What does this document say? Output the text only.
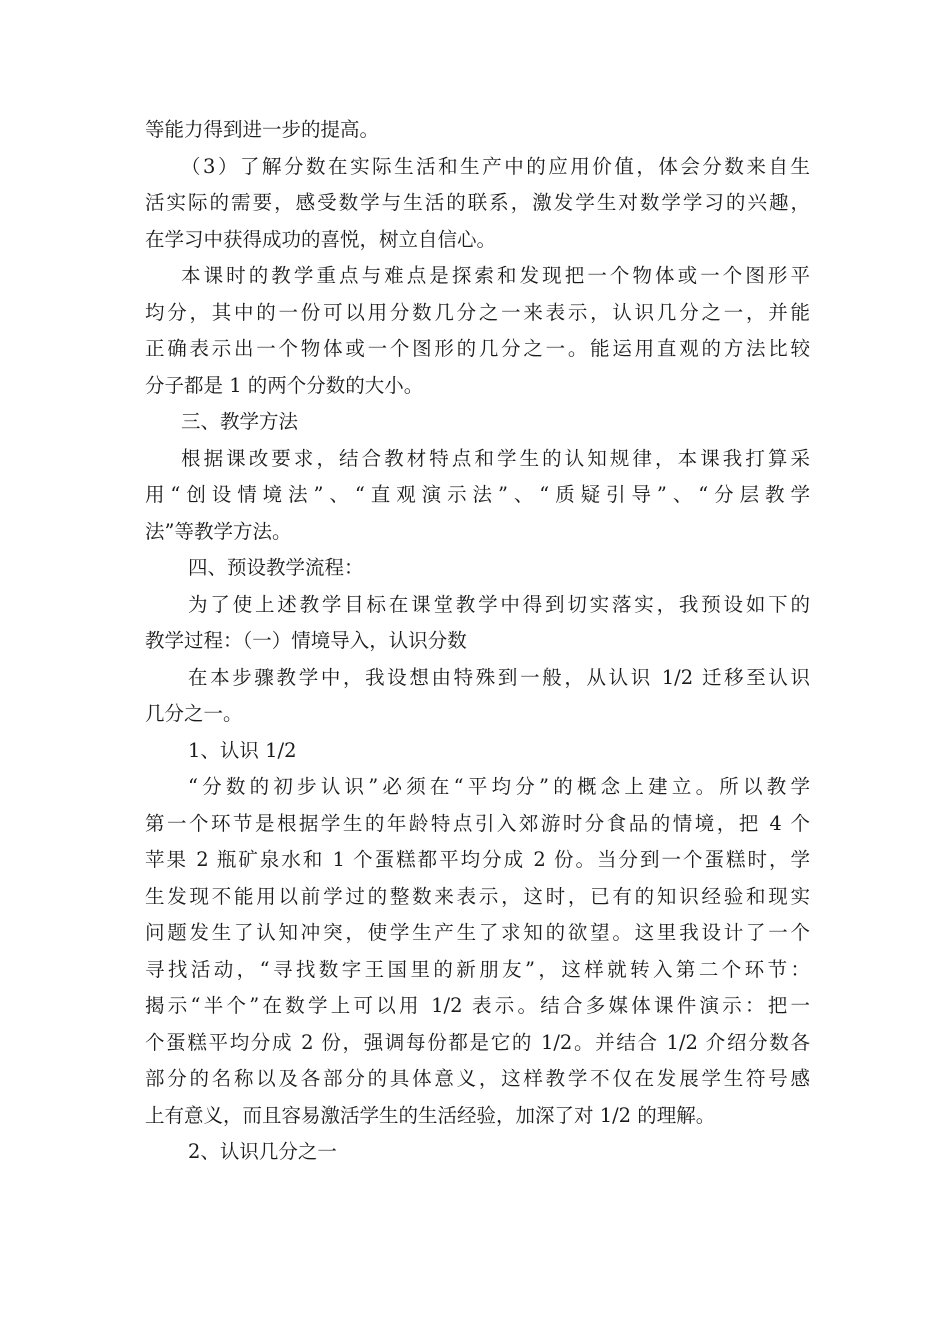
等能力得到进一步的提高。
（3）了解分数在实际生活和生产中的应用价值，体会分数来自生
活实际的需要，感受数学与生活的联系，激发学生对数学学习的兴趣，
在学习中获得成功的喜悦，树立自信心。
本课时的教学重点与难点是探索和发现把一个物体或一个图形平
均分，其中的一份可以用分数几分之一来表示，认识几分之一，并能
正确表示出一个物体或一个图形的几分之一。能运用直观的方法比较
分子都是 1 的两个分数的大小。
三、教学方法
根据课改要求，结合教材特点和学生的认知规律，本课我打算采
用“创设情境法”、“直观演示法”、“质疑引导”、“分层教学
法”等教学方法。
四、预设教学流程：
为了使上述教学目标在课堂教学中得到切实落实，我预设如下的
教学过程：（一）情境导入，认识分数
在本步骤教学中，我设想由特殊到一般，从认识 1/2 迁移至认识
几分之一。
1、认识 1/2
“分数的初步认识”必须在“平均分”的概念上建立。所以教学
第一个环节是根据学生的年龄特点引入郊游时分食品的情境，把 4 个
苹果 2 瓶矿泉水和 1 个蛋糕都平均分成 2 份。当分到一个蛋糕时，学
生发现不能用以前学过的整数来表示，这时，已有的知识经验和现实
问题发生了认知冲突，使学生产生了求知的欲望。这里我设计了一个
寻找活动，“寻找数字王国里的新朋友”，这样就转入第二个环节：
揭示“半个”在数学上可以用 1/2 表示。结合多媒体课件演示：把一
个蛋糕平均分成 2 份，强调每份都是它的 1/2。并结合 1/2 介绍分数各
部分的名称以及各部分的具体意义，这样教学不仅在发展学生符号感
上有意义，而且容易激活学生的生活经验，加深了对 1/2 的理解。
2、认识几分之一
